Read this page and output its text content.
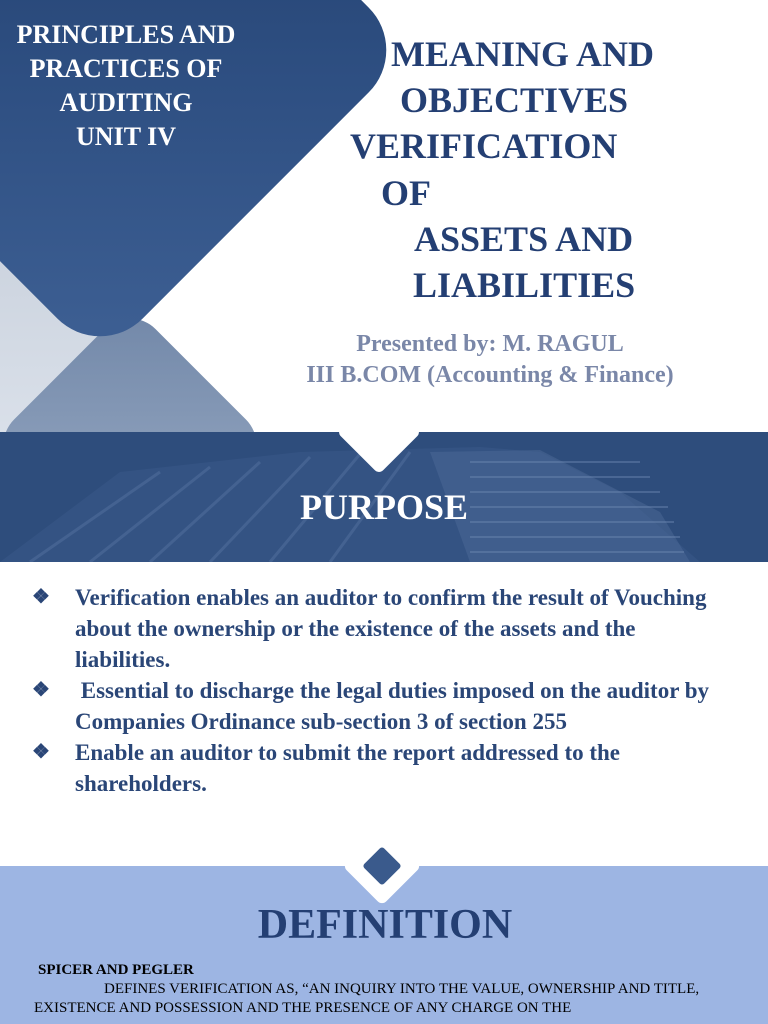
PRINCIPLES AND
PRACTICES OF
AUDITING
UNIT IV
MEANING AND
OBJECTIVES
VERIFICATION
OF
ASSETS AND
LIABILITIES
Presented by: M. RAGUL
III B.COM (Accounting & Finance)
PURPOSE
❖ Verification enables an auditor to confirm the result of Vouching about the ownership or the existence of the assets and the liabilities.
❖ Essential to discharge the legal duties imposed on the auditor by Companies Ordinance sub-section 3 of section 255
❖ Enable an auditor to submit the report addressed to the shareholders.
DEFINITION
SPICER AND PEGLER
DEFINES VERIFICATION AS, “AN INQUIRY INTO THE VALUE, OWNERSHIP AND TITLE, EXISTENCE AND POSSESSION AND THE PRESENCE OF ANY CHARGE ON THE
